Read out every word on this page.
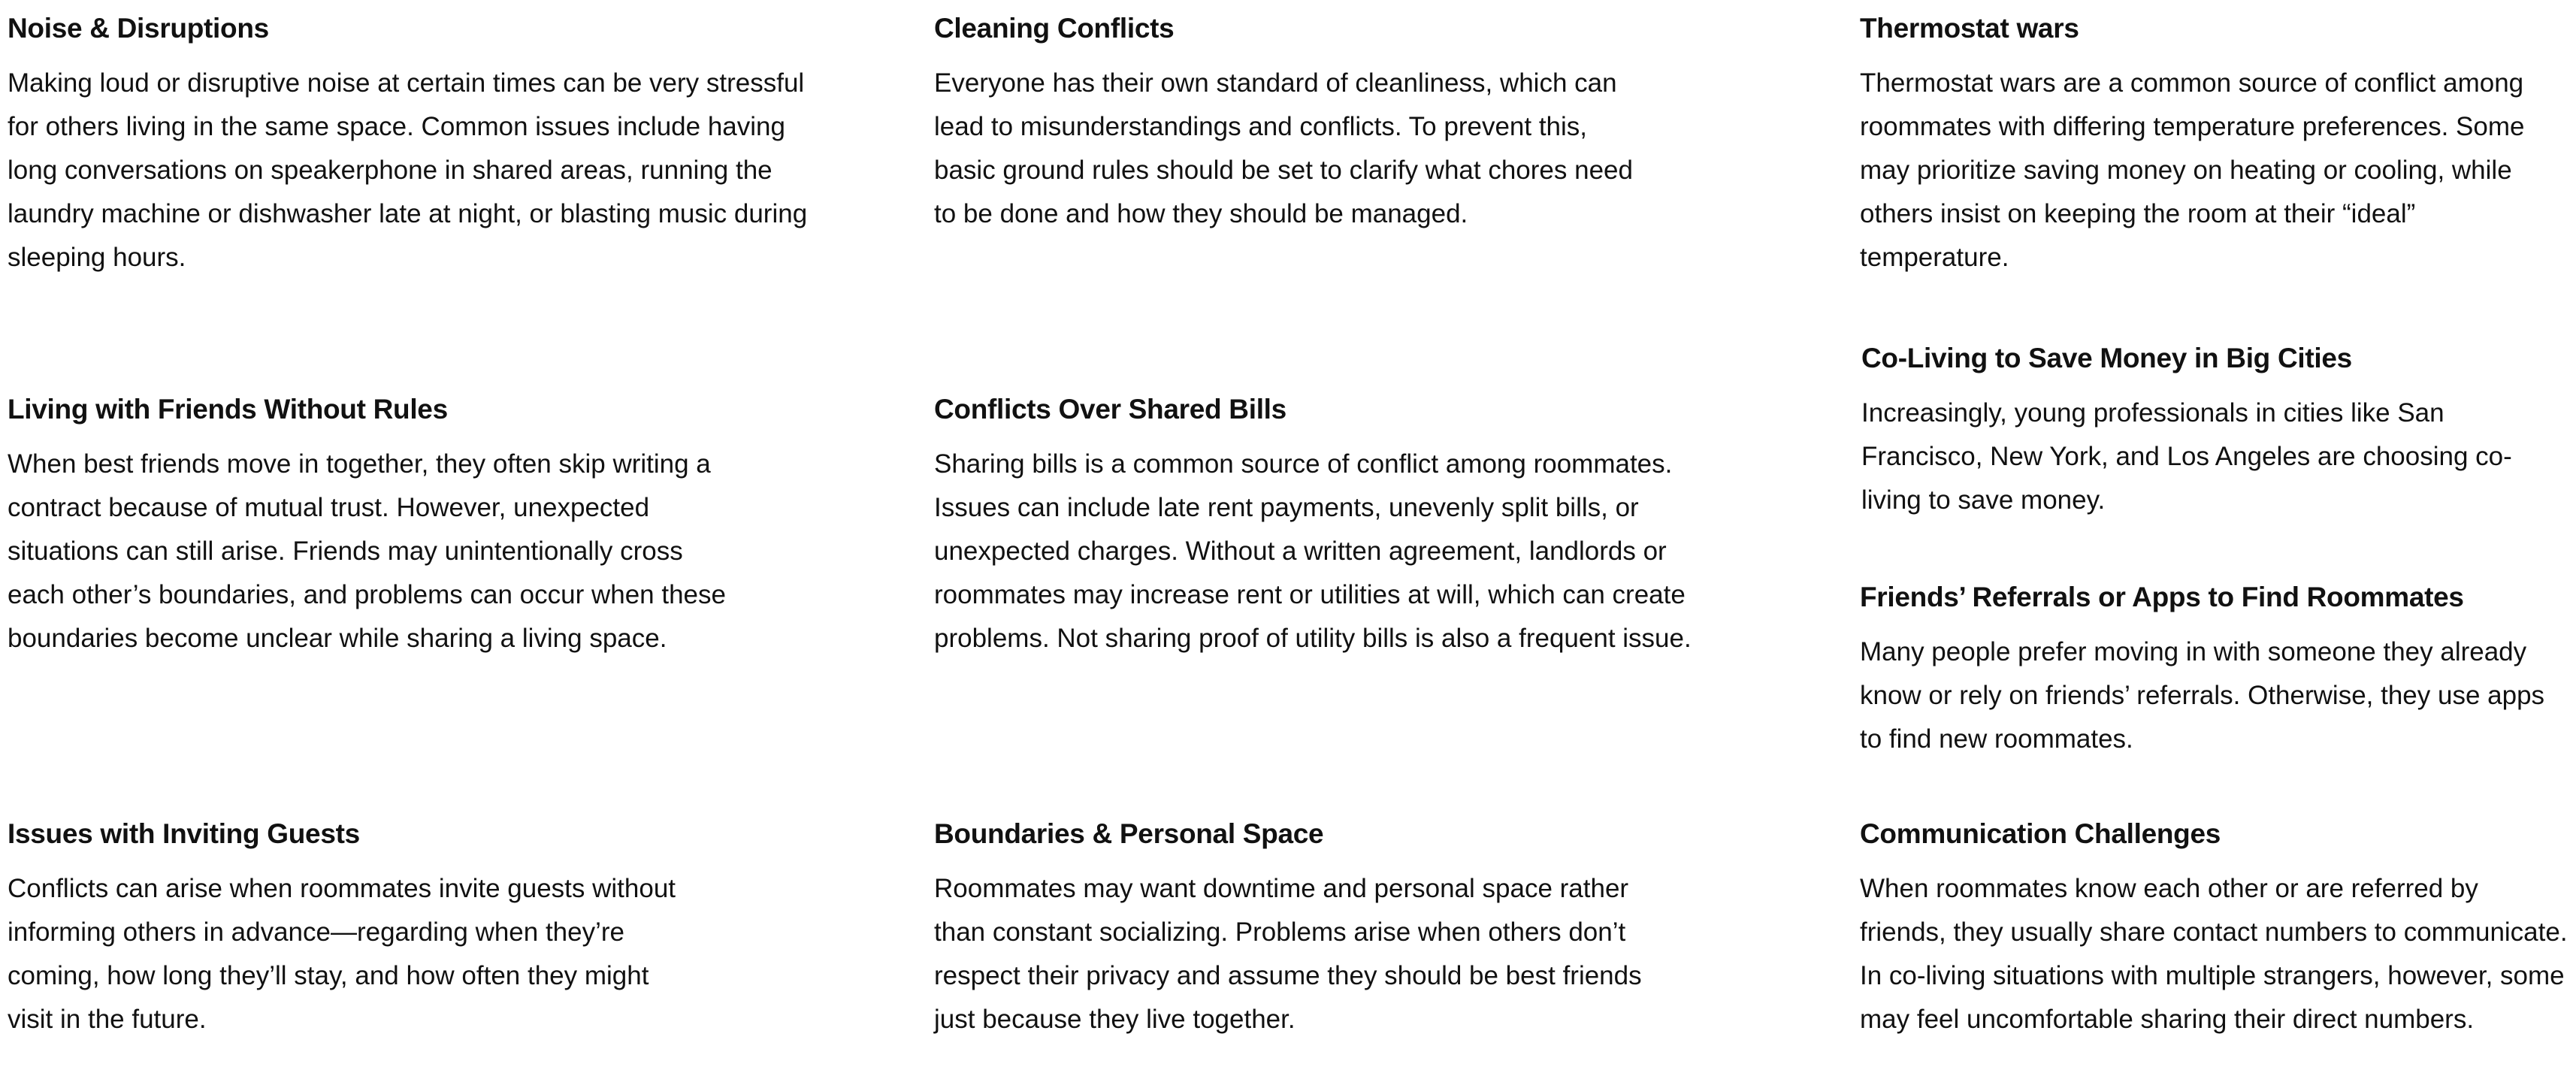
Noise & Disruptions

Making loud or disruptive noise at certain times can be very stressful for others living in the same space. Common issues include having long conversations on speakerphone in shared areas, running the laundry machine or dishwasher late at night, or blasting music during sleeping hours.

Living with Friends Without Rules

When best friends move in together, they often skip writing a contract because of mutual trust. However, unexpected situations can still arise. Friends may unintentionally cross each other’s boundaries, and problems can occur when these boundaries become unclear while sharing a living space.

Issues with Inviting Guests

Conflicts can arise when roommates invite guests without informing others in advance—regarding when they’re coming, how long they’ll stay, and how often they might visit in the future.

Cleaning Conflicts

Everyone has their own standard of cleanliness, which can lead to misunderstandings and conflicts. To prevent this, basic ground rules should be set to clarify what chores need to be done and how they should be managed.

Conflicts Over Shared Bills

Sharing bills is a common source of conflict among roommates. Issues can include late rent payments, unevenly split bills, or unexpected charges. Without a written agreement, landlords or roommates may increase rent or utilities at will, which can create problems. Not sharing proof of utility bills is also a frequent issue.

Boundaries & Personal Space

Roommates may want downtime and personal space rather than constant socializing. Problems arise when others don’t respect their privacy and assume they should be best friends just because they live together.

Thermostat wars

Thermostat wars are a common source of conflict among roommates with differing temperature preferences. Some may prioritize saving money on heating or cooling, while others insist on keeping the room at their “ideal” temperature.

Co-Living to Save Money in Big Cities

Increasingly, young professionals in cities like San Francisco, New York, and Los Angeles are choosing co-living to save money.

Friends’ Referrals or Apps to Find Roommates

Many people prefer moving in with someone they already know or rely on friends’ referrals. Otherwise, they use apps to find new roommates.

Communication Challenges

When roommates know each other or are referred by friends, they usually share contact numbers to communicate. In co-living situations with multiple strangers, however, some may feel uncomfortable sharing their direct numbers.
